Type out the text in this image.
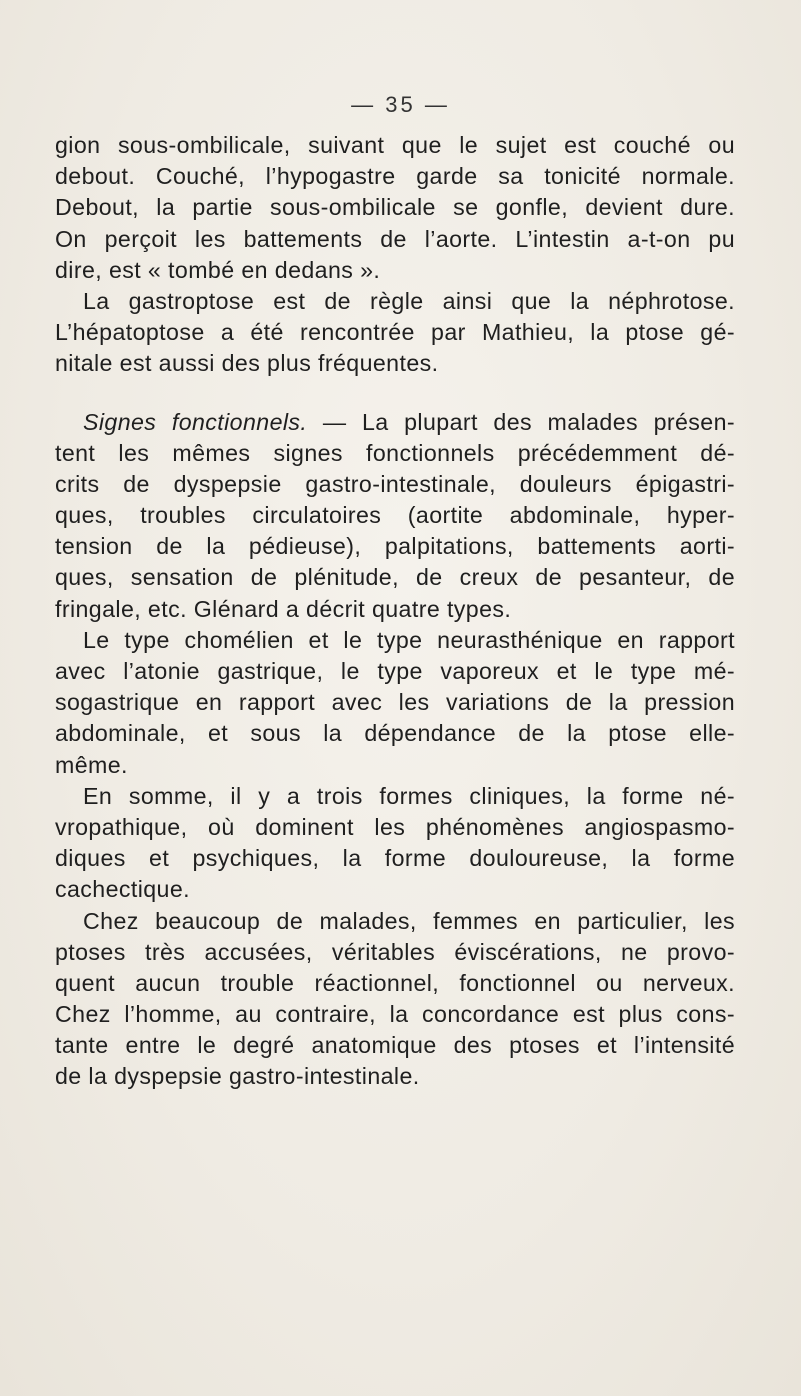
— 35 —
gion sous-ombilicale, suivant que le sujet est couché ou
debout. Couché, l’hypogastre garde sa tonicité normale.
Debout, la partie sous-ombilicale se gonfle, devient dure.
On perçoit les battements de l’aorte. L’intestin a-t-on pu
dire, est « tombé en dedans ».
La gastroptose est de règle ainsi que la néphrotose.
L’hépatoptose a été rencontrée par Mathieu, la ptose gé-
nitale est aussi des plus fréquentes.
Signes fonctionnels. — La plupart des malades présen-
tent les mêmes signes fonctionnels précédemment dé-
crits de dyspepsie gastro-intestinale, douleurs épigastri-
ques, troubles circulatoires (aortite abdominale, hyper-
tension de la pédieuse), palpitations, battements aorti-
ques, sensation de plénitude, de creux de pesanteur, de
fringale, etc. Glénard a décrit quatre types.
Le type chomélien et le type neurasthénique en rapport
avec l’atonie gastrique, le type vaporeux et le type mé-
sogastrique en rapport avec les variations de la pression
abdominale, et sous la dépendance de la ptose elle-
même.
En somme, il y a trois formes cliniques, la forme né-
vropathique, où dominent les phénomènes angiospasmo-
diques et psychiques, la forme douloureuse, la forme
cachectique.
Chez beaucoup de malades, femmes en particulier, les
ptoses très accusées, véritables éviscérations, ne provo-
quent aucun trouble réactionnel, fonctionnel ou nerveux.
Chez l’homme, au contraire, la concordance est plus cons-
tante entre le degré anatomique des ptoses et l’intensité
de la dyspepsie gastro-intestinale.
